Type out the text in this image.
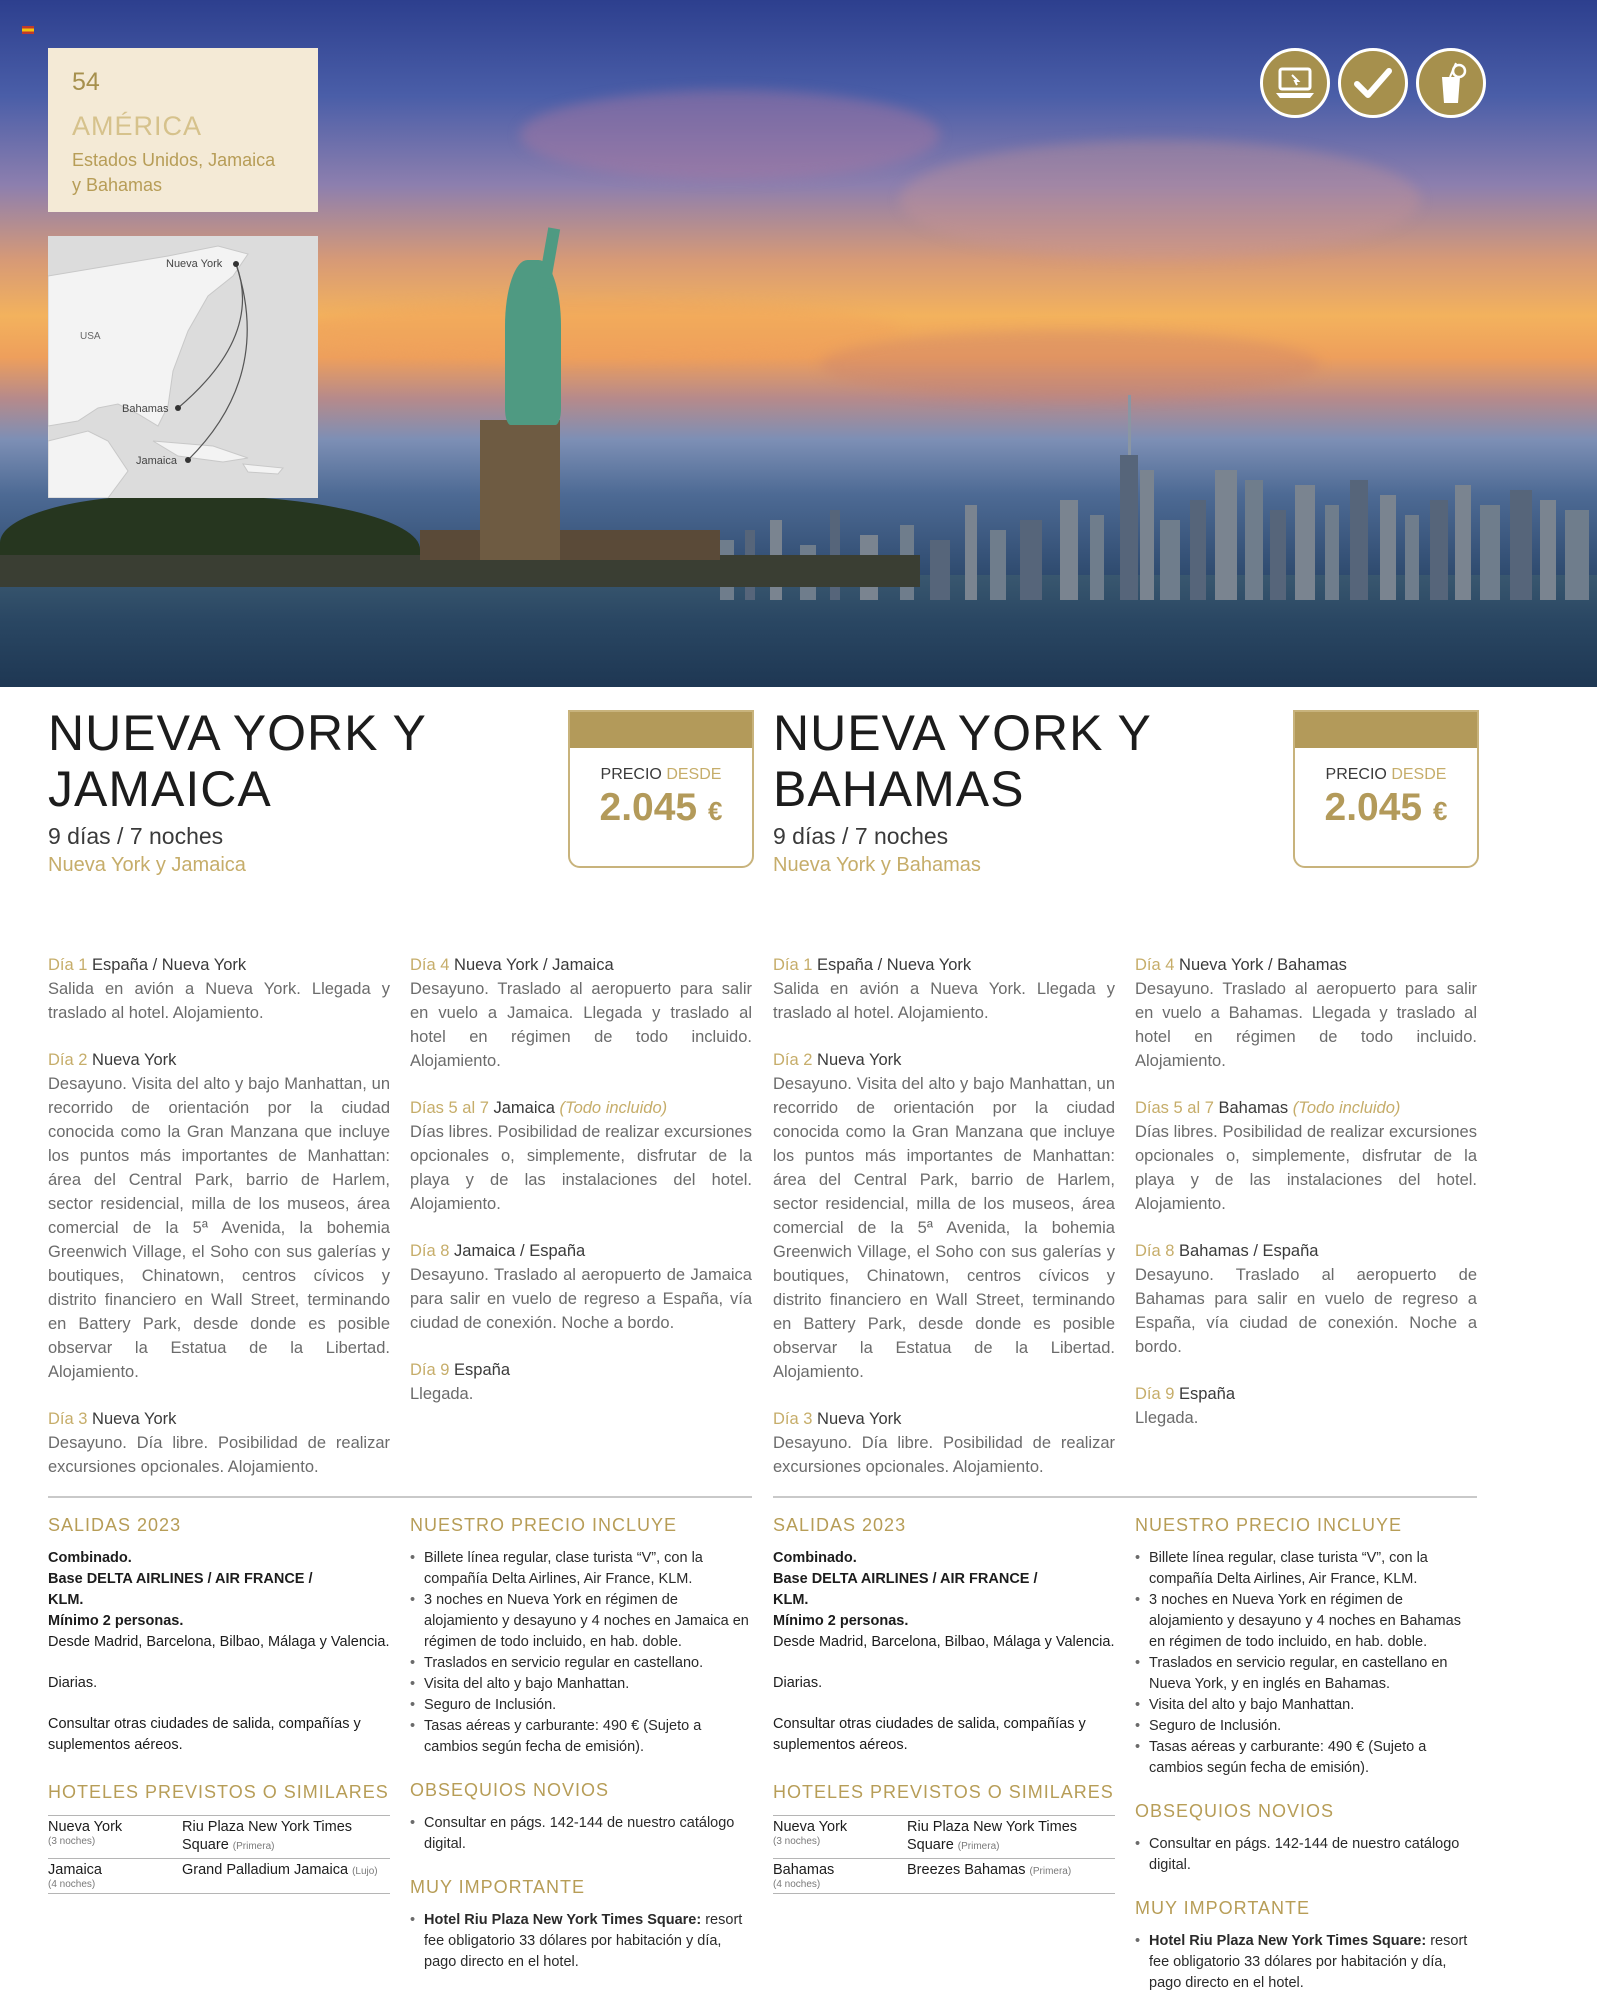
54
AMÉRICA
Estados Unidos, Jamaica
y Bahamas
Nueva York
USA
Bahamas
Jamaica
NUEVA YORK Y
JAMAICA
9 días / 7 noches
Nueva York y Jamaica
PRECIO DESDE
2.045 €
Día 1 España / Nueva York
Salida en avión a Nueva York. Llegada y traslado al hotel. Alojamiento.
Día 2 Nueva York
Desayuno. Visita del alto y bajo Manhattan, un recorrido de orientación por la ciudad conocida como la Gran Manzana que incluye los puntos más importantes de Manhattan: área del Central Park, barrio de Harlem, sector residencial, milla de los museos, área comercial de la 5ª Avenida, la bohemia Greenwich Village, el Soho con sus galerías y boutiques, Chinatown, centros cívicos y distrito financiero en Wall Street, terminando en Battery Park, desde donde es posible observar la Estatua de la Libertad. Alojamiento.
Día 3 Nueva York
Desayuno. Día libre. Posibilidad de realizar excursiones opcionales. Alojamiento.
Día 4 Nueva York / Jamaica
Desayuno. Traslado al aeropuerto para salir en vuelo a Jamaica. Llegada y traslado al hotel en régimen de todo incluido. Alojamiento.
Días 5 al 7 Jamaica (Todo incluido)
Días libres. Posibilidad de realizar excursiones opcionales o, simplemente, disfrutar de la playa y de las instalaciones del hotel. Alojamiento.
Día 8 Jamaica / España
Desayuno. Traslado al aeropuerto de Jamaica para salir en vuelo de regreso a España, vía ciudad de conexión. Noche a bordo.
Día 9 España
Llegada.
SALIDAS 2023
Combinado.
Base DELTA AIRLINES / AIR FRANCE /
KLM.
Mínimo 2 personas.
Desde Madrid, Barcelona, Bilbao, Málaga y Valencia.
Diarias.
Consultar otras ciudades de salida, compañías y suplementos aéreos.
HOTELES PREVISTOS O SIMILARES
Nueva York
(3 noches)
Riu Plaza New York Times Square (Primera)
Jamaica
(4 noches)
Grand Palladium Jamaica (Lujo)
NUESTRO PRECIO INCLUYE
• Billete línea regular, clase turista “V”, con la compañía Delta Airlines, Air France, KLM.
• 3 noches en Nueva York en régimen de alojamiento y desayuno y 4 noches en Jamaica en régimen de todo incluido, en hab. doble.
• Traslados en servicio regular en castellano.
• Visita del alto y bajo Manhattan.
• Seguro de Inclusión.
• Tasas aéreas y carburante: 490 € (Sujeto a cambios según fecha de emisión).
OBSEQUIOS NOVIOS
• Consultar en págs. 142-144 de nuestro catálogo digital.
MUY IMPORTANTE
• Hotel Riu Plaza New York Times Square: resort fee obligatorio 33 dólares por habitación y día, pago directo en el hotel.
NUEVA YORK Y
BAHAMAS
9 días / 7 noches
Nueva York y Bahamas
PRECIO DESDE
2.045 €
Día 1 España / Nueva York
Salida en avión a Nueva York. Llegada y traslado al hotel. Alojamiento.
Día 2 Nueva York
Desayuno. Visita del alto y bajo Manhattan, un recorrido de orientación por la ciudad conocida como la Gran Manzana que incluye los puntos más importantes de Manhattan: área del Central Park, barrio de Harlem, sector residencial, milla de los museos, área comercial de la 5ª Avenida, la bohemia Greenwich Village, el Soho con sus galerías y boutiques, Chinatown, centros cívicos y distrito financiero en Wall Street, terminando en Battery Park, desde donde es posible observar la Estatua de la Libertad. Alojamiento.
Día 3 Nueva York
Desayuno. Día libre. Posibilidad de realizar excursiones opcionales. Alojamiento.
Día 4 Nueva York / Bahamas
Desayuno. Traslado al aeropuerto para salir en vuelo a Bahamas. Llegada y traslado al hotel en régimen de todo incluido. Alojamiento.
Días 5 al 7 Bahamas (Todo incluido)
Días libres. Posibilidad de realizar excursiones opcionales o, simplemente, disfrutar de la playa y de las instalaciones del hotel. Alojamiento.
Día 8 Bahamas / España
Desayuno. Traslado al aeropuerto de Bahamas para salir en vuelo de regreso a España, vía ciudad de conexión. Noche a bordo.
Día 9 España
Llegada.
SALIDAS 2023
Combinado.
Base DELTA AIRLINES / AIR FRANCE /
KLM.
Mínimo 2 personas.
Desde Madrid, Barcelona, Bilbao, Málaga y Valencia.
Diarias.
Consultar otras ciudades de salida, compañías y suplementos aéreos.
HOTELES PREVISTOS O SIMILARES
Nueva York
(3 noches)
Riu Plaza New York Times Square (Primera)
Bahamas
(4 noches)
Breezes Bahamas (Primera)
NUESTRO PRECIO INCLUYE
• Billete línea regular, clase turista “V”, con la compañía Delta Airlines, Air France, KLM.
• 3 noches en Nueva York en régimen de alojamiento y desayuno y 4 noches en Bahamas en régimen de todo incluido, en hab. doble.
• Traslados en servicio regular, en castellano en Nueva York, y en inglés en Bahamas.
• Visita del alto y bajo Manhattan.
• Seguro de Inclusión.
• Tasas aéreas y carburante: 490 € (Sujeto a cambios según fecha de emisión).
OBSEQUIOS NOVIOS
• Consultar en págs. 142-144 de nuestro catálogo digital.
MUY IMPORTANTE
• Hotel Riu Plaza New York Times Square: resort fee obligatorio 33 dólares por habitación y día, pago directo en el hotel.
